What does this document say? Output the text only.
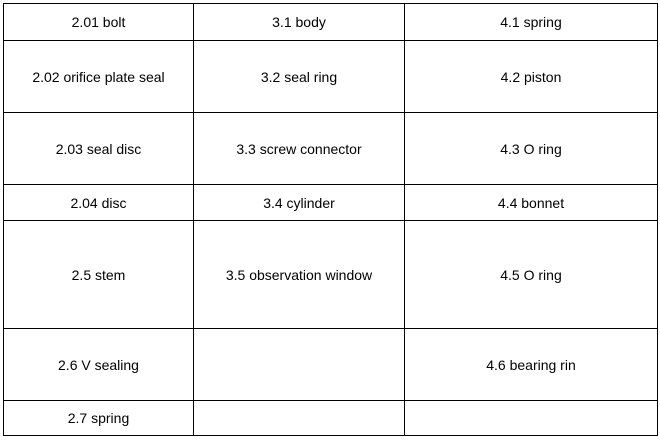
2.01 bolt	3.1 body	4.1 spring
2.02 orifice plate seal	3.2 seal ring	4.2 piston
2.03 seal disc	3.3 screw connector	4.3 O ring
2.04 disc	3.4 cylinder	4.4 bonnet
2.5 stem	3.5 observation window	4.5 O ring
2.6 V sealing		4.6 bearing rin
2.7 spring		
